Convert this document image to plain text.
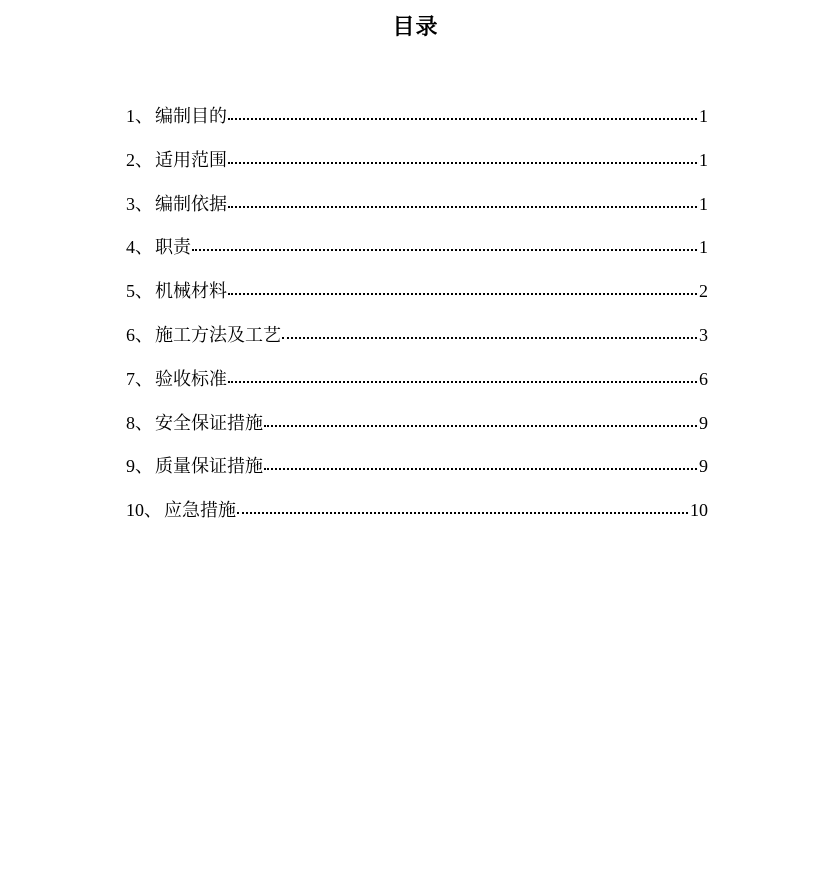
目录
1 、 编制目的	1
2 、 适用范围	1
3 、 编制依据	1
4 、 职责	1
5 、 机械材料	2
6 、 施工方法及工艺	3
7 、 验收标准	6
8 、 安全保证措施	9
9 、 质量保证措施	9
10 、 应急措施	10
